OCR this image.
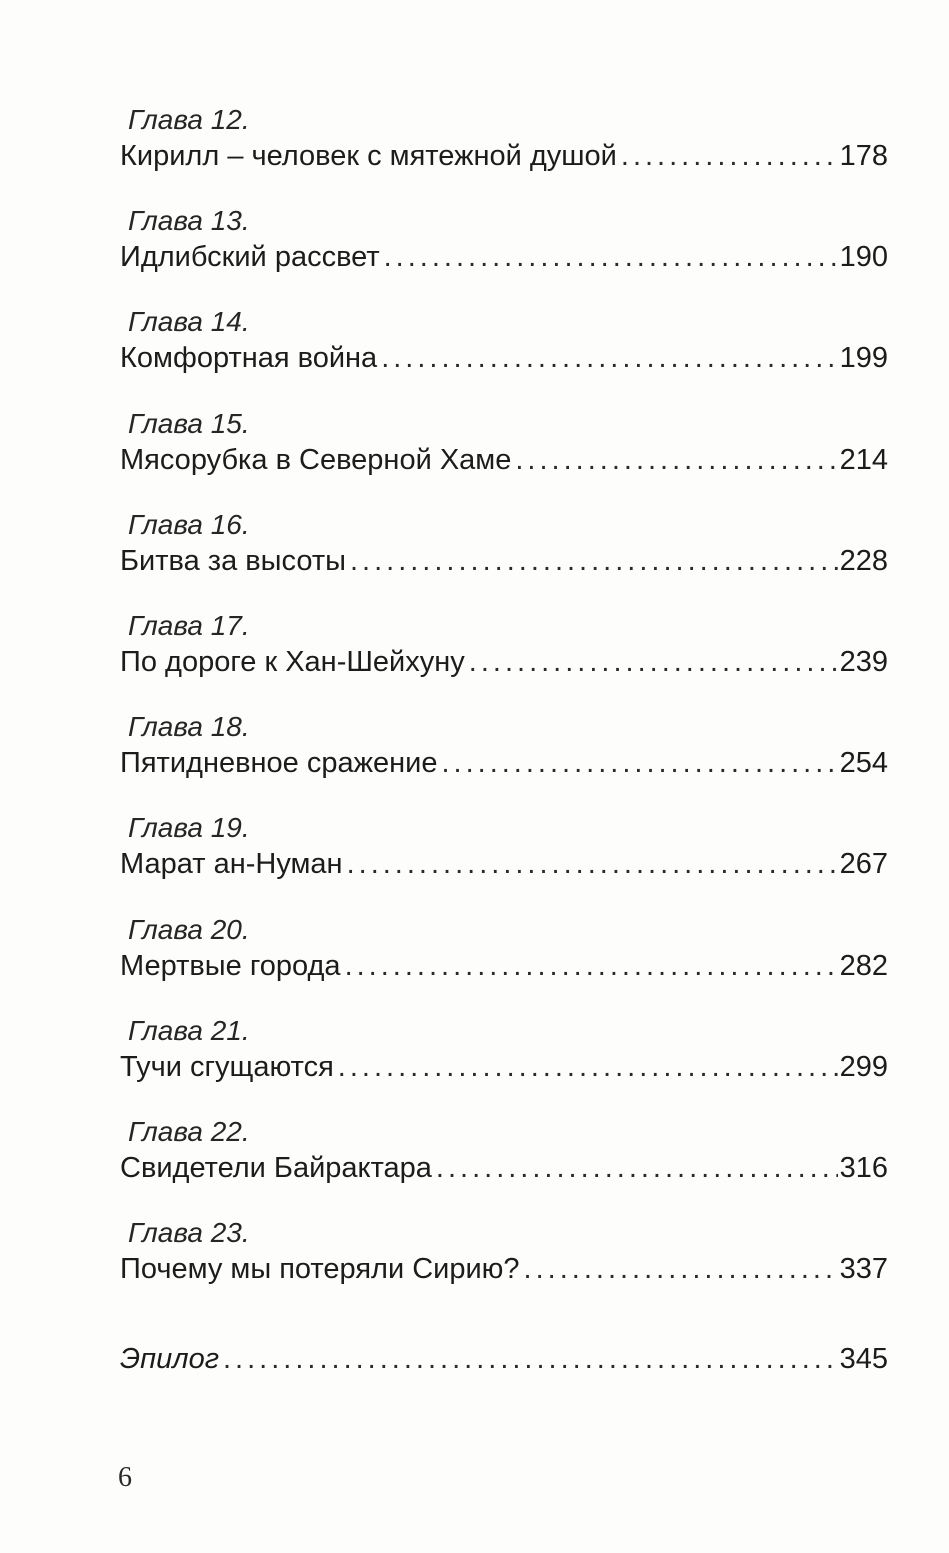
Глава 12.
Кирилл – человек с мятежной душой .....	178
Глава 13.
Идлибский рассвет .....	190
Глава 14.
Комфортная война .....	199
Глава 15.
Мясорубка в Северной Хаме .....	214
Глава 16.
Битва за высоты .....	228
Глава 17.
По дороге к Хан-Шейхуну .....	239
Глава 18.
Пятидневное сражение .....	254
Глава 19.
Марат ан-Нуман .....	267
Глава 20.
Мертвые города .....	282
Глава 21.
Тучи сгущаются .....	299
Глава 22.
Свидетели Байрактара .....	316
Глава 23.
Почему мы потеряли Сирию? .....	337
Эпилог .....	345
6
